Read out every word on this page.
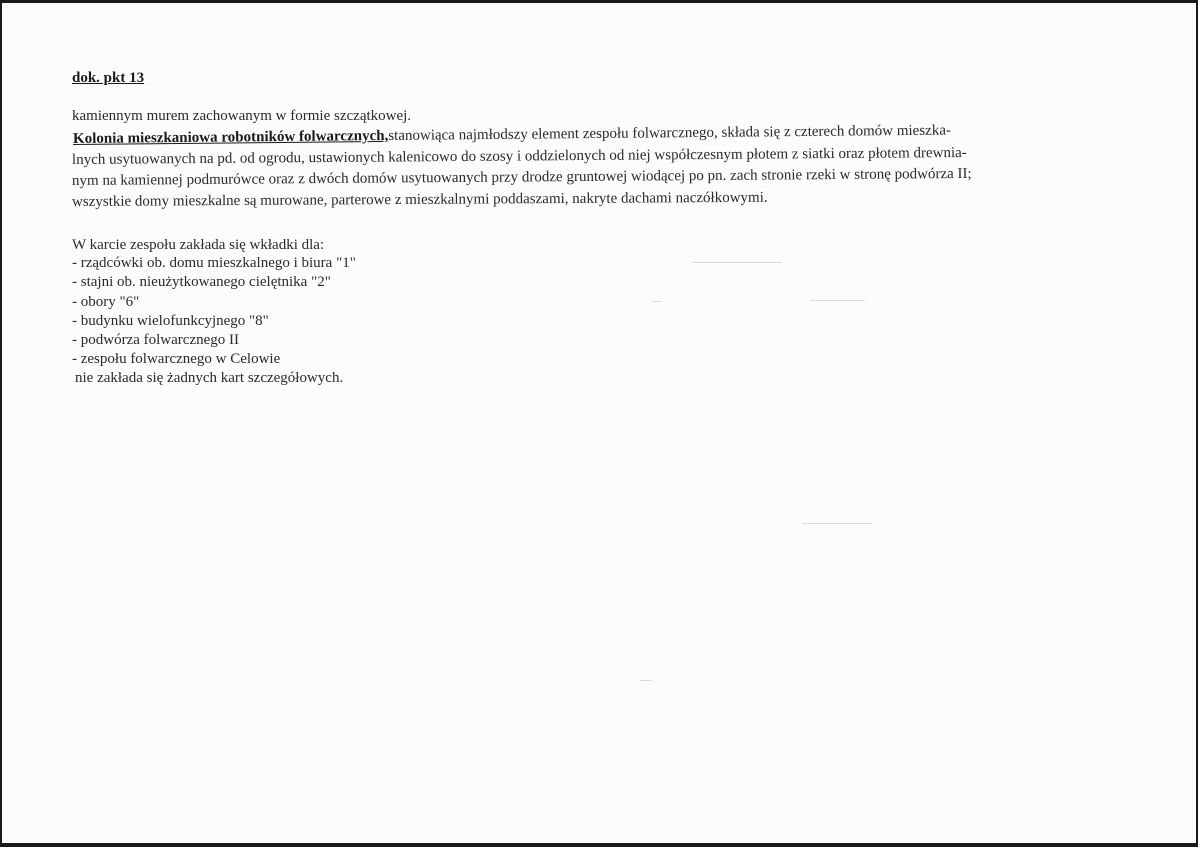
dok. pkt 13
kamiennym murem zachowanym w formie szczątkowej.
Kolonia mieszkaniowa robotników folwarcznych,stanowiąca najmłodszy element zespołu folwarcznego, składa się z czterech domów mieszka-
lnych usytuowanych na pd. od ogrodu, ustawionych kalenicowo do szosy i oddzielonych od niej współczesnym płotem z siatki oraz płotem drewnia-
nym na kamiennej podmurówce oraz z dwóch domów usytuowanych przy drodze gruntowej wiodącej po pn. zach stronie rzeki w stronę podwórza II;
wszystkie domy mieszkalne są murowane, parterowe z mieszkalnymi poddaszami, nakryte dachami naczółkowymi.
W karcie zespołu zakłada się wkładki dla:
- rządcówki ob. domu mieszkalnego i biura "1"
- stajni ob. nieużytkowanego cielętnika "2"
- obory "6"
- budynku wielofunkcyjnego "8"
- podwórza folwarcznego II
- zespołu folwarcznego w Celowie
nie zakłada się żadnych kart szczegółowych.
